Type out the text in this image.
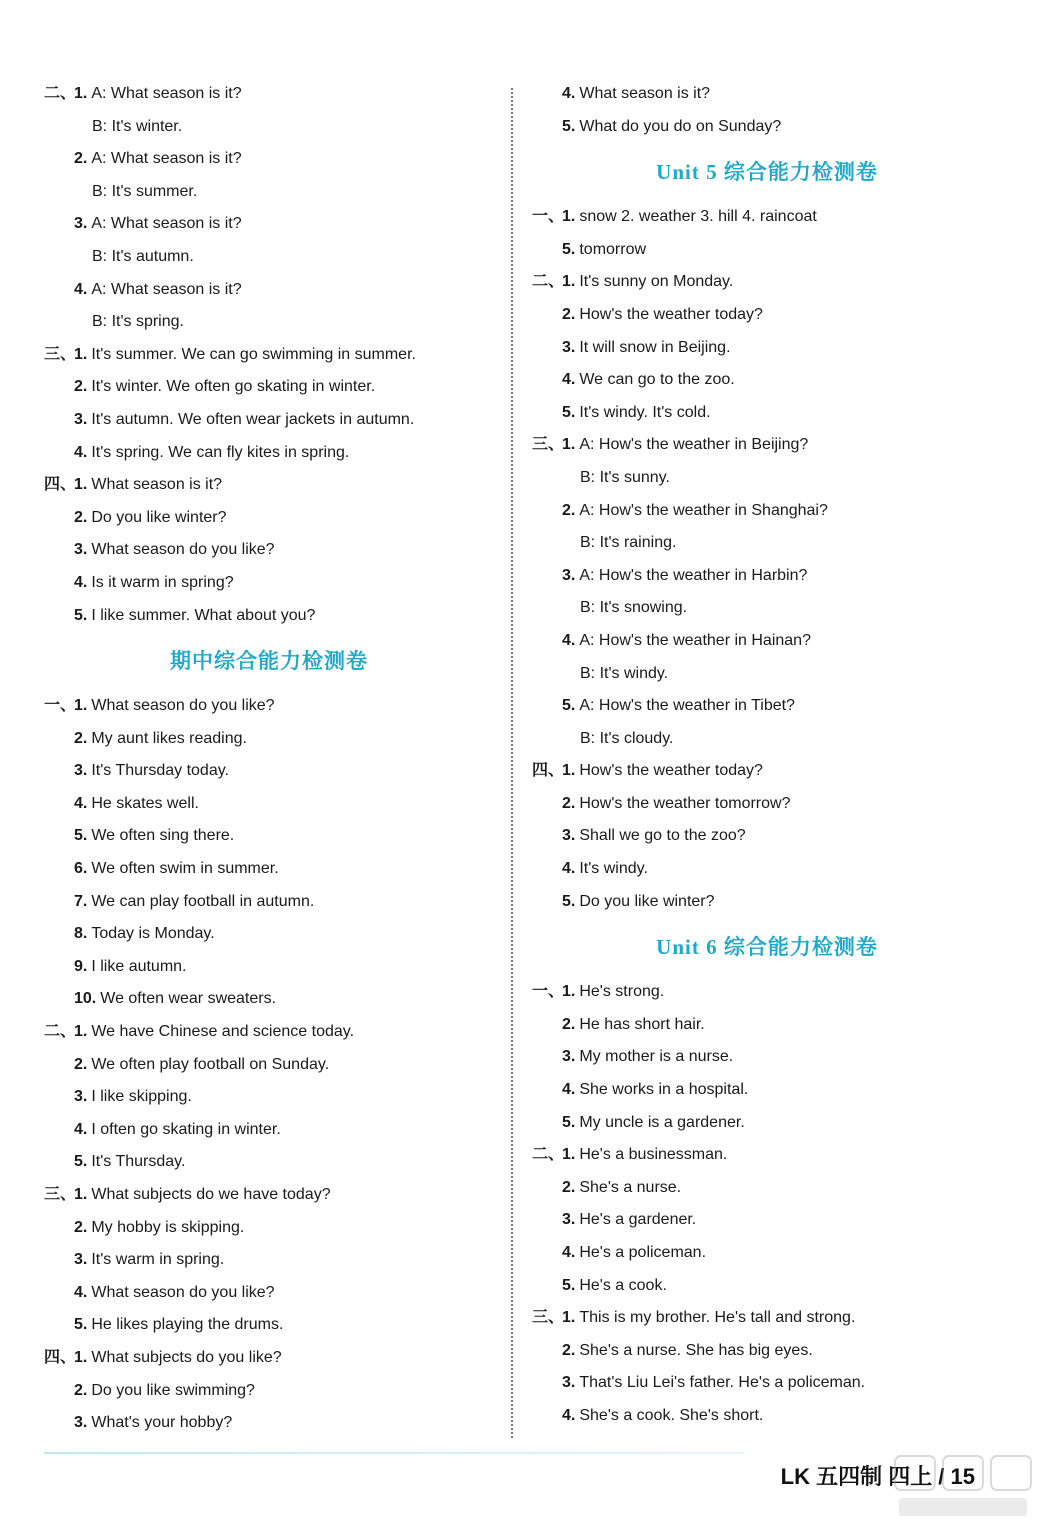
二、
1. A: What season is it?
B: It's winter.
2. A: What season is it?
B: It's summer.
3. A: What season is it?
B: It's autumn.
4. A: What season is it?
B: It's spring.
三、
1. It's summer. We can go swimming in summer.
2. It's winter. We often go skating in winter.
3. It's autumn. We often wear jackets in autumn.
4. It's spring. We can fly kites in spring.
四、
1. What season is it?
2. Do you like winter?
3. What season do you like?
4. Is it warm in spring?
5. I like summer. What about you?
期中综合能力检测卷
一、
1. What season do you like?
2. My aunt likes reading.
3. It's Thursday today.
4. He skates well.
5. We often sing there.
6. We often swim in summer.
7. We can play football in autumn.
8. Today is Monday.
9. I like autumn.
10. We often wear sweaters.
二、
1. We have Chinese and science today.
2. We often play football on Sunday.
3. I like skipping.
4. I often go skating in winter.
5. It's Thursday.
三、
1. What subjects do we have today?
2. My hobby is skipping.
3. It's warm in spring.
4. What season do you like?
5. He likes playing the drums.
四、
1. What subjects do you like?
2. Do you like swimming?
3. What's your hobby?
4. What season is it?
5. What do you do on Sunday?
Unit 5 综合能力检测卷
一、
1. snow 2. weather 3. hill 4. raincoat
5. tomorrow
二、
1. It's sunny on Monday.
2. How's the weather today?
3. It will snow in Beijing.
4. We can go to the zoo.
5. It's windy. It's cold.
三、
1. A: How's the weather in Beijing?
B: It's sunny.
2. A: How's the weather in Shanghai?
B: It's raining.
3. A: How's the weather in Harbin?
B: It's snowing.
4. A: How's the weather in Hainan?
B: It's windy.
5. A: How's the weather in Tibet?
B: It's cloudy.
四、
1. How's the weather today?
2. How's the weather tomorrow?
3. Shall we go to the zoo?
4. It's windy.
5. Do you like winter?
Unit 6 综合能力检测卷
一、
1. He's strong.
2. He has short hair.
3. My mother is a nurse.
4. She works in a hospital.
5. My uncle is a gardener.
二、
1. He's a businessman.
2. She's a nurse.
3. He's a gardener.
4. He's a policeman.
5. He's a cook.
三、
1. This is my brother. He's tall and strong.
2. She's a nurse. She has big eyes.
3. That's Liu Lei's father. He's a policeman.
4. She's a cook. She's short.
LK 五四制 四上 / 15
